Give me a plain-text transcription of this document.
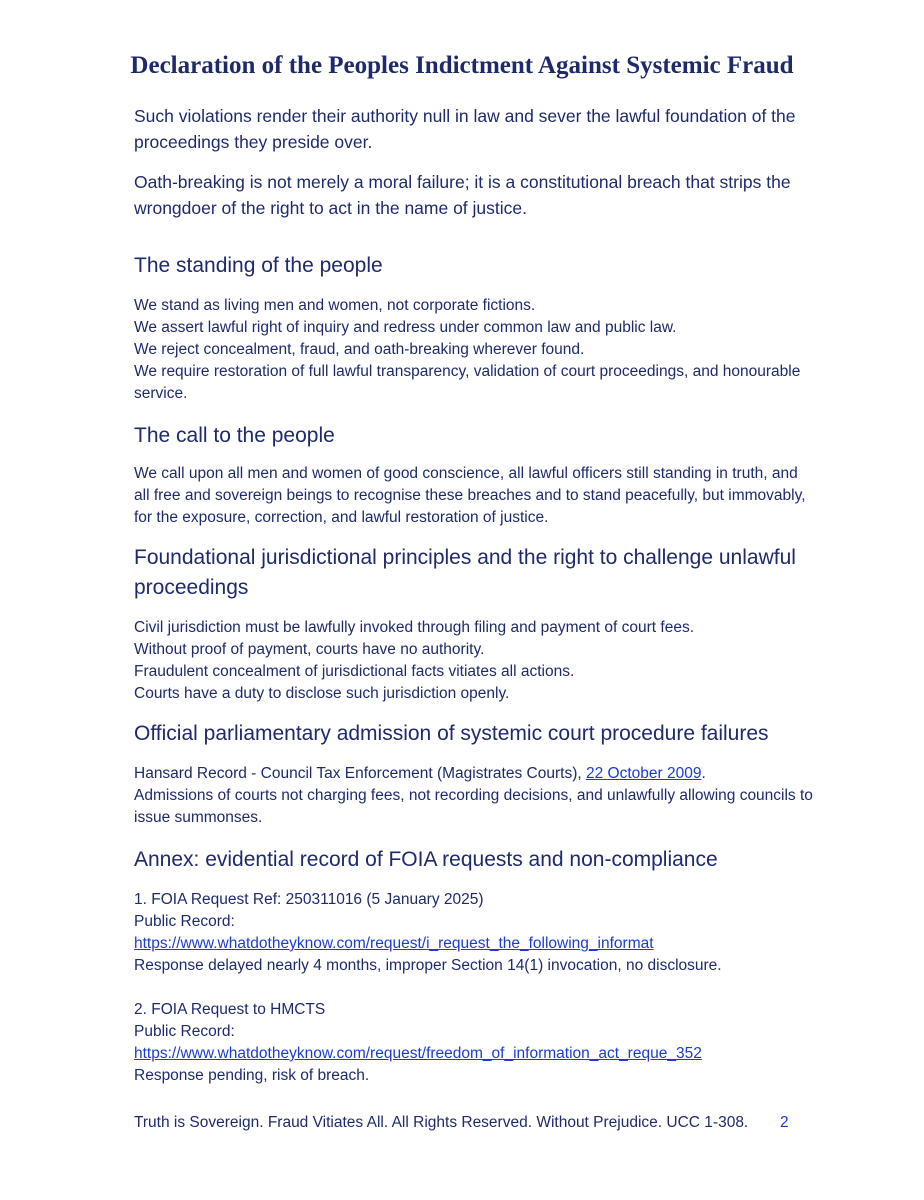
Declaration of the Peoples Indictment Against Systemic Fraud

Such violations render their authority null in law and sever the lawful foundation of the proceedings they preside over.

Oath-breaking is not merely a moral failure; it is a constitutional breach that strips the wrongdoer of the right to act in the name of justice.

The standing of the people

We stand as living men and women, not corporate fictions.

We assert lawful right of inquiry and redress under common law and public law.

We reject concealment, fraud, and oath-breaking wherever found.

We require restoration of full lawful transparency, validation of court proceedings, and honourable service.

The call to the people

We call upon all men and women of good conscience, all lawful officers still standing in truth, and all free and sovereign beings to recognise these breaches and to stand peacefully, but immovably, for the exposure, correction, and lawful restoration of justice.

Foundational jurisdictional principles and the right to challenge unlawful proceedings

Civil jurisdiction must be lawfully invoked through filing and payment of court fees.

Without proof of payment, courts have no authority.

Fraudulent concealment of jurisdictional facts vitiates all actions.

Courts have a duty to disclose such jurisdiction openly.

Official parliamentary admission of systemic court procedure failures

Hansard Record - Council Tax Enforcement (Magistrates Courts), 22 October 2009.

Admissions of courts not charging fees, not recording decisions, and unlawfully allowing councils to issue summonses.

Annex: evidential record of FOIA requests and non-compliance

1. FOIA Request Ref: 250311016 (5 January 2025)

Public Record:

https://www.whatdotheyknow.com/request/i_request_the_following_informat

Response delayed nearly 4 months, improper Section 14(1) invocation, no disclosure.

2. FOIA Request to HMCTS

Public Record:

https://www.whatdotheyknow.com/request/freedom_of_information_act_reque_352

Response pending, risk of breach.

Truth is Sovereign. Fraud Vitiates All. All Rights Reserved. Without Prejudice. UCC 1-308.	2
